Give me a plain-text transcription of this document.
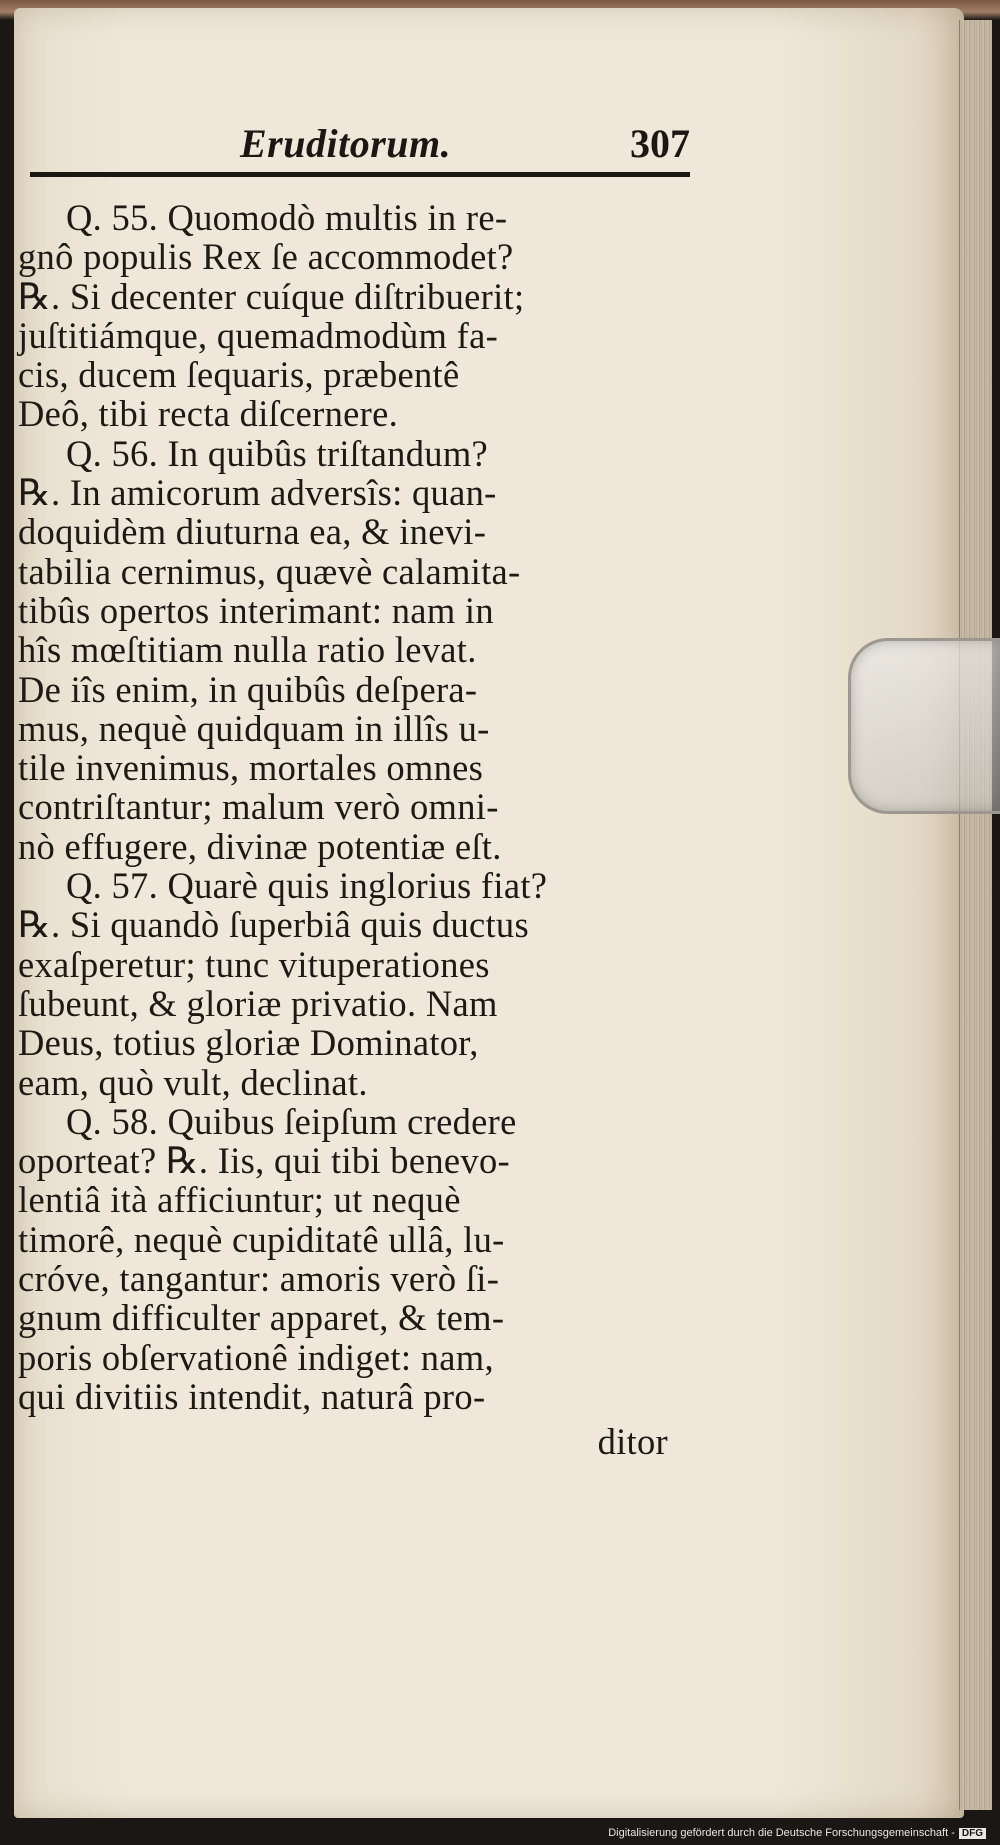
Eruditorum.	307
Q. 55. Quomodò multis in re-
gnô populis Rex ſe accommodet?
℞. Si decenter cuíque diſtribuerit;
juſtitiámque, quemadmodùm fa-
cis, ducem ſequaris, præbentê
Deô, tibi recta diſcernere.
Q. 56. In quibûs triſtandum?
℞. In amicorum adversîs: quan-
doquidèm diuturna ea, & inevi-
tabilia cernimus, quævè calamita-
tibûs opertos interimant: nam in
hîs mœſtitiam nulla ratio levat.
De iîs enim, in quibûs deſpera-
mus, nequè quidquam in illîs u-
tile invenimus, mortales omnes
contriſtantur; malum verò omni-
nò effugere, divinæ potentiæ eſt.
Q. 57. Quarè quis inglorius fiat?
℞. Si quandò ſuperbiâ quis ductus
exaſperetur; tunc vituperationes
ſubeunt, & gloriæ privatio. Nam
Deus, totius gloriæ Dominator,
eam, quò vult, declinat.
Q. 58. Quibus ſeipſum credere
oporteat? ℞. Iis, qui tibi benevo-
lentiâ ità afficiuntur; ut nequè
timorê, nequè cupiditatê ullâ, lu-
cróve, tangantur: amoris verò ſi-
gnum difficulter apparet, & tem-
poris obſervationê indiget: nam,
qui divitiis intendit, naturâ pro-
ditor
Digitalisierung gefördert durch die Deutsche Forschungsgemeinschaft - DFG
